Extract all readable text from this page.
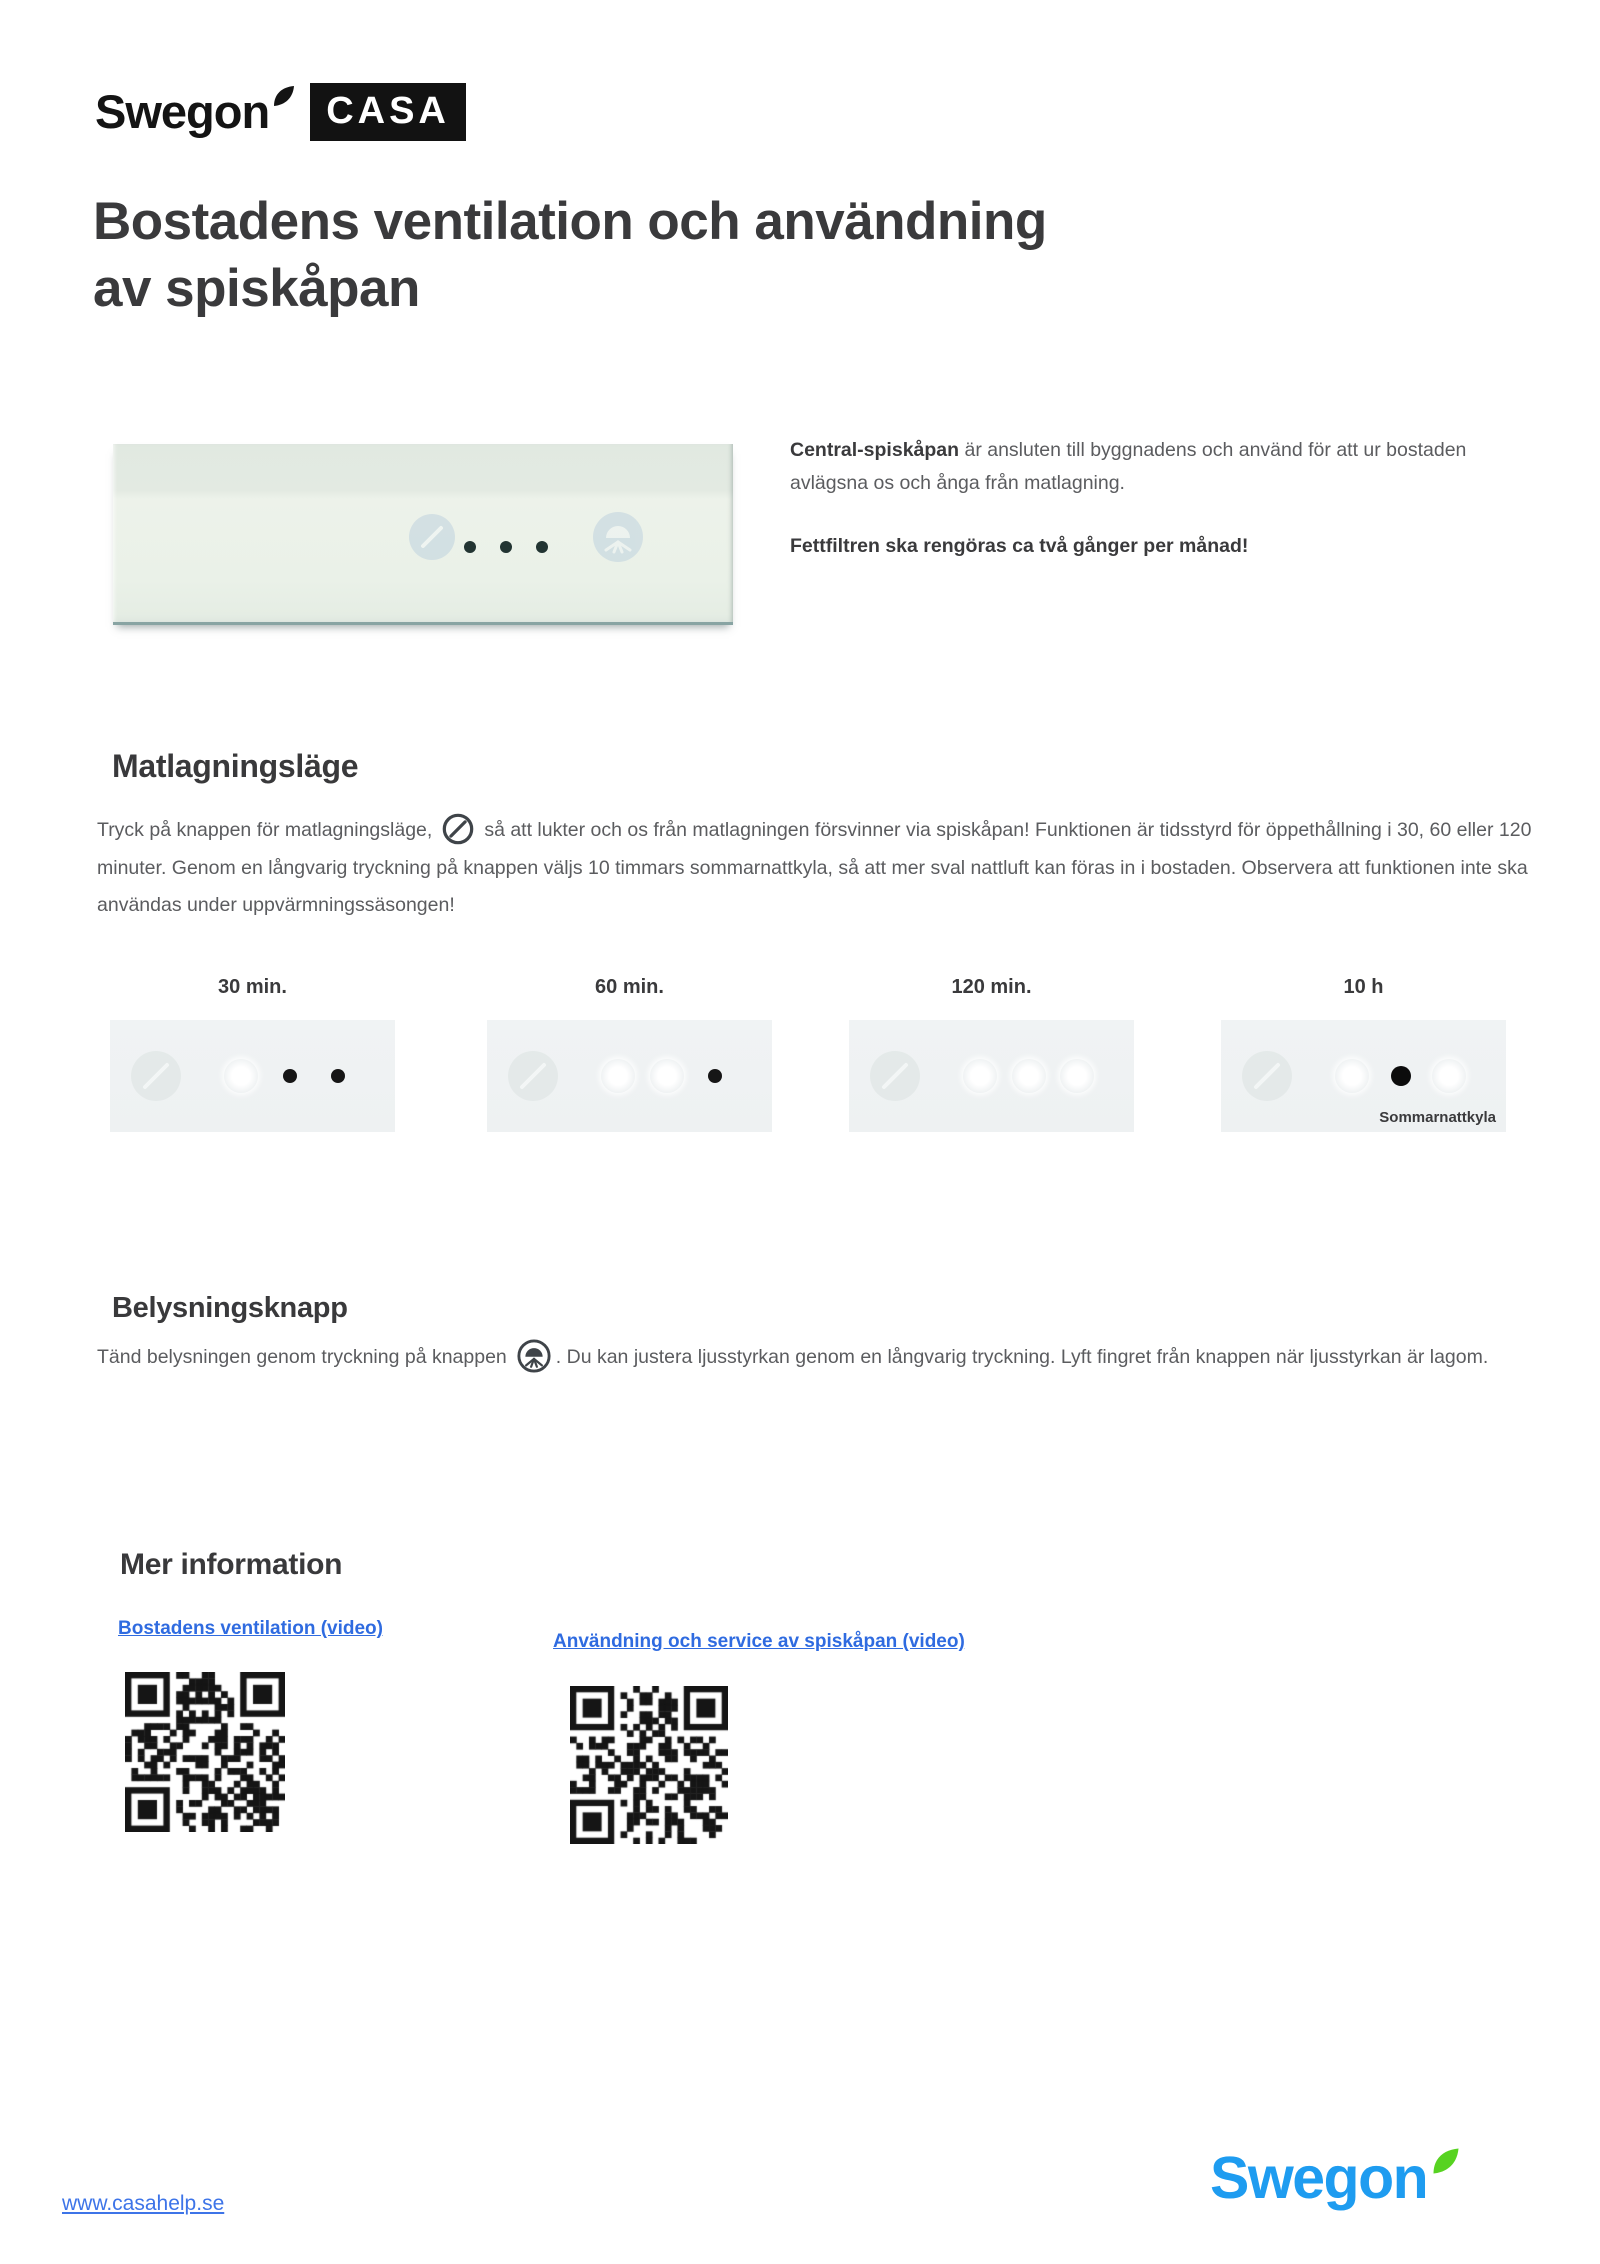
Swegon	CASA
Bostadens ventilation och användning
av spiskåpan

Central-spiskåpan är ansluten till byggnadens och använd för att ur bostaden avlägsna os och ånga från matlagning.

Fettfiltren ska rengöras ca två gånger per månad!

Matlagningsläge
Tryck på knappen för matlagningsläge,	så att lukter och os från matlagningen försvinner via spiskåpan! Funktionen är tidsstyrd för öppethållning i 30, 60 eller 120 minuter. Genom en långvarig tryckning på knappen väljs 10 timmars sommarnattkyla, så att mer sval nattluft kan föras in i bostaden. Observera att funktionen inte ska användas under uppvärmningssäsongen!
30 min.	60 min.	120 min.	10 h
Sommarnattkyla
Belysningsknapp
Tänd belysningen genom tryckning på knappen	. Du kan justera ljusstyrkan genom en långvarig tryckning. Lyft fingret från knappen när ljusstyrkan är lagom.
Mer information
Bostadens ventilation (video)
Användning och service av spiskåpan (video)
www.casahelp.se	Swegon
